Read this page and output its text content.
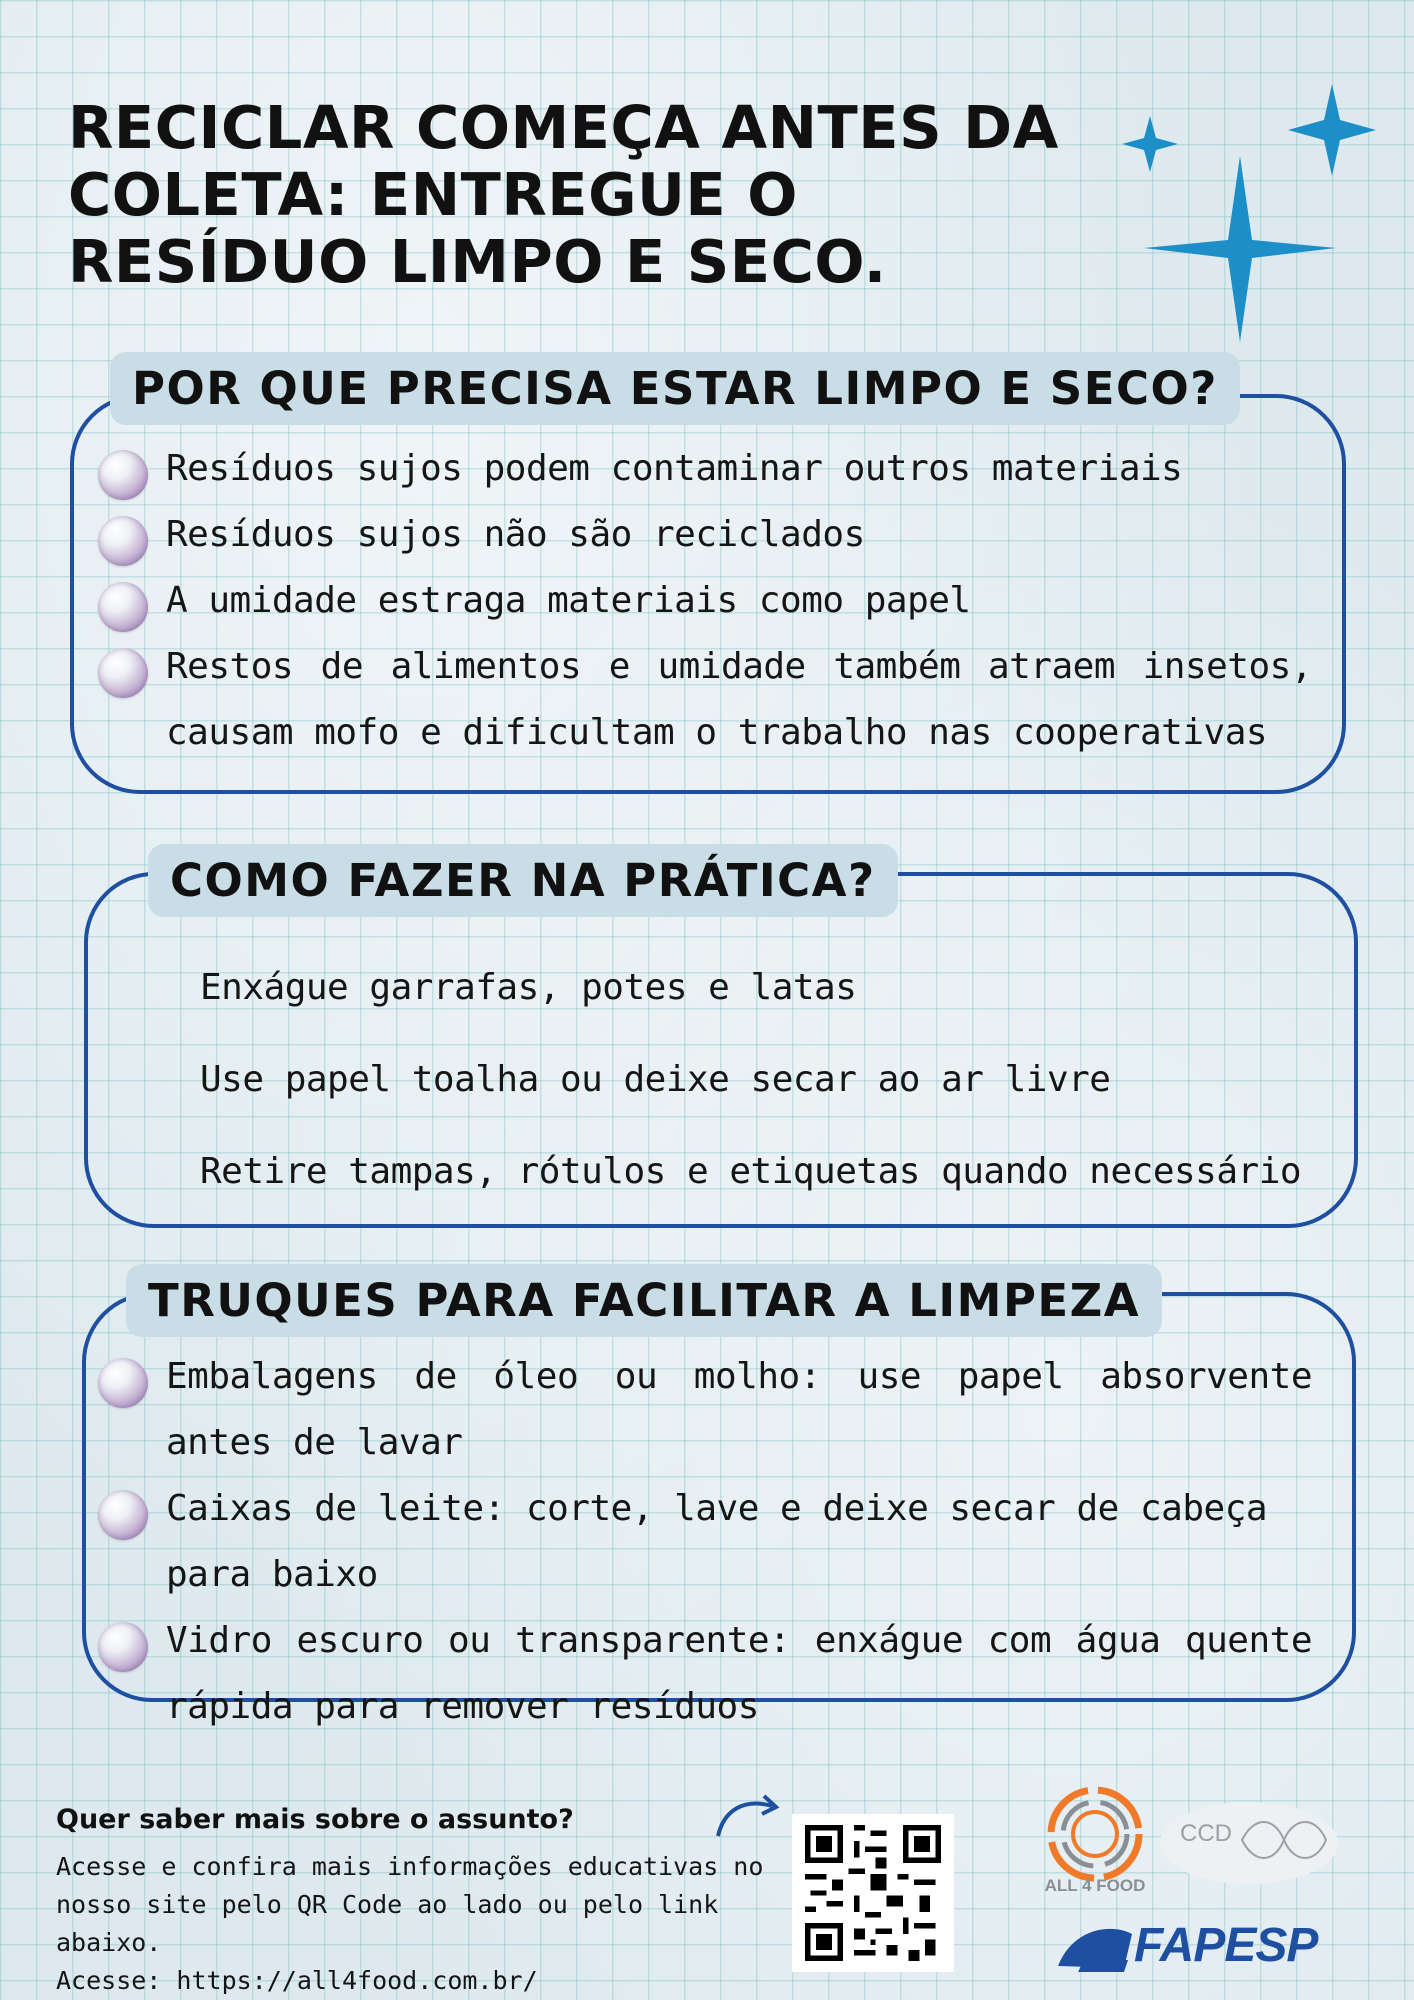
RECICLAR COMEÇA ANTES DA COLETA: ENTREGUE O RESÍDUO LIMPO E SECO.
POR QUE PRECISA ESTAR LIMPO E SECO?
Resíduos sujos podem contaminar outros materiais
Resíduos sujos não são reciclados
A umidade estraga materiais como papel
Restos de alimentos e umidade também atraem insetos, causam mofo e dificultam o trabalho nas cooperativas
COMO FAZER NA PRÁTICA?
Enxágue garrafas, potes e latas
Use papel toalha ou deixe secar ao ar livre
Retire tampas, rótulos e etiquetas quando necessário
TRUQUES PARA FACILITAR A LIMPEZA
Embalagens de óleo ou molho: use papel absorvente antes de lavar
Caixas de leite: corte, lave e deixe secar de cabeça para baixo
Vidro escuro ou transparente: enxágue com água quente rápida para remover resíduos
Quer saber mais sobre o assunto?
Acesse e confira mais informações educativas no
nosso site pelo QR Code ao lado ou pelo link abaixo.
Acesse: https://all4food.com.br/
ALL 4 FOOD
CCD
FAPESP
